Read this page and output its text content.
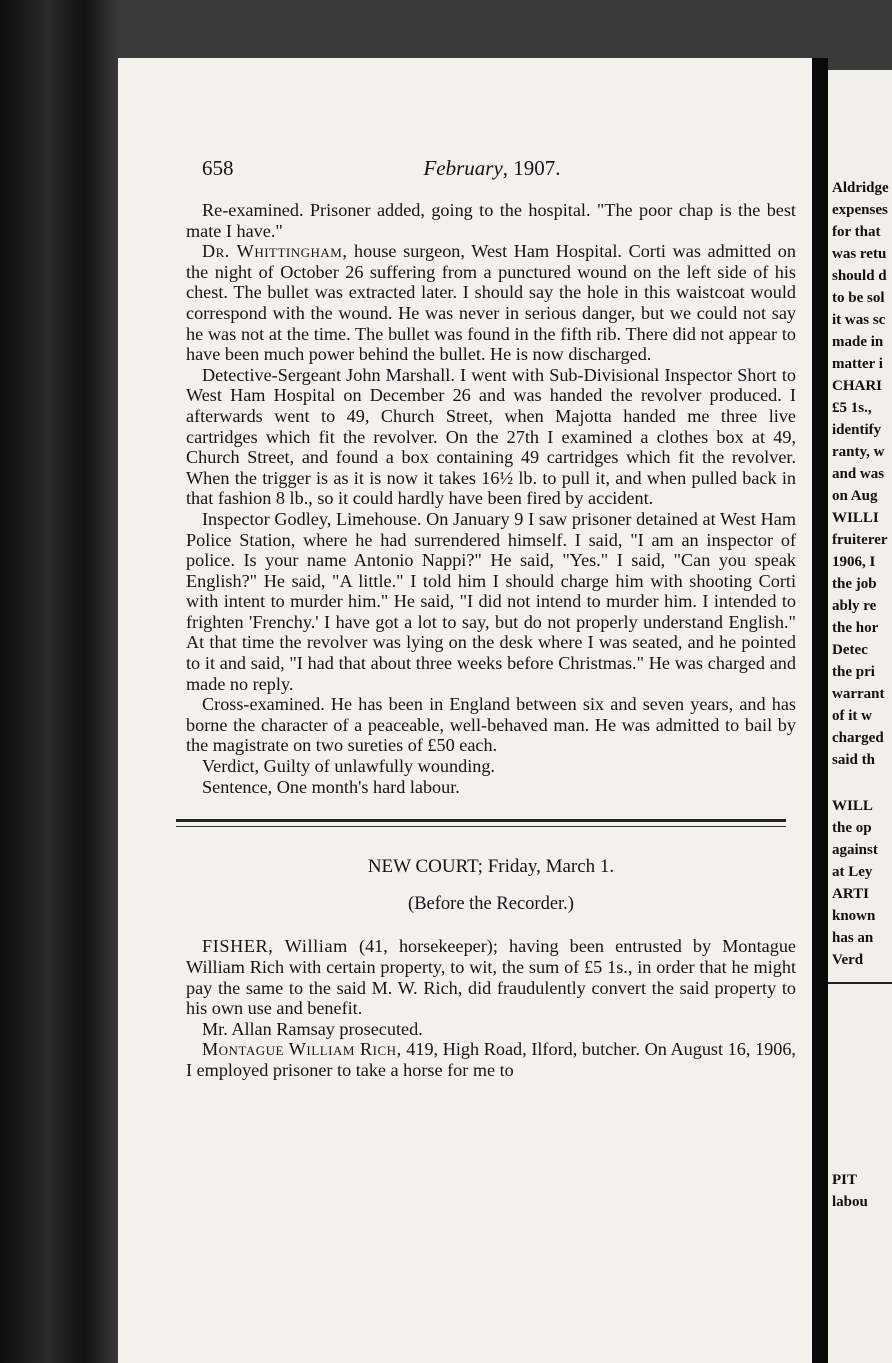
658	February, 1907.

Re-examined. Prisoner added, going to the hospital. "The poor chap is the best mate I have."

Dr. Whittingham, house surgeon, West Ham Hospital. Corti was admitted on the night of October 26 suffering from a punctured wound on the left side of his chest. The bullet was extracted later. I should say the hole in this waistcoat would correspond with the wound. He was never in serious danger, but we could not say he was not at the time. The bullet was found in the fifth rib. There did not appear to have been much power behind the bullet. He is now discharged.

Detective-Sergeant John Marshall. I went with Sub-Divisional Inspector Short to West Ham Hospital on December 26 and was handed the revolver produced. I afterwards went to 49, Church Street, when Majotta handed me three live cartridges which fit the revolver. On the 27th I examined a clothes box at 49, Church Street, and found a box containing 49 cartridges which fit the revolver. When the trigger is as it is now it takes 16½ lb. to pull it, and when pulled back in that fashion 8 lb., so it could hardly have been fired by accident.

Inspector Godley, Limehouse. On January 9 I saw prisoner detained at West Ham Police Station, where he had surrendered himself. I said, "I am an inspector of police. Is your name Antonio Nappi?" He said, "Yes." I said, "Can you speak English?" He said, "A little." I told him I should charge him with shooting Corti with intent to murder him." He said, "I did not intend to murder him. I intended to frighten 'Frenchy.' I have got a lot to say, but do not properly understand English." At that time the revolver was lying on the desk where I was seated, and he pointed to it and said, "I had that about three weeks before Christmas." He was charged and made no reply.

Cross-examined. He has been in England between six and seven years, and has borne the character of a peaceable, well-behaved man. He was admitted to bail by the magistrate on two sureties of £50 each.

Verdict, Guilty of unlawfully wounding.

Sentence, One month's hard labour.

NEW COURT; Friday, March 1.
(Before the Recorder.)

FISHER, William (41, horsekeeper); having been entrusted by Montague William Rich with certain property, to wit, the sum of £5 1s., in order that he might pay the same to the said M. W. Rich, did fraudulently convert the said property to his own use and benefit.

Mr. Allan Ramsay prosecuted.

Montague William Rich, 419, High Road, Ilford, butcher. On August 16, 1906, I employed prisoner to take a horse for me to

Aldridge
expenses
for that
was retu
should d
to be sol
it was sc
made in
matter i
CHARI
£5 1s.,
identify
ranty, w
and was
on Aug
WILLI
fruiterer
1906, I
the job
ably re
the hor
Detec
the pri
warrant
of it w
charged
said th
WILL
the op
against
at Ley
ARTI
known
has an
Verd
PIT
labou
